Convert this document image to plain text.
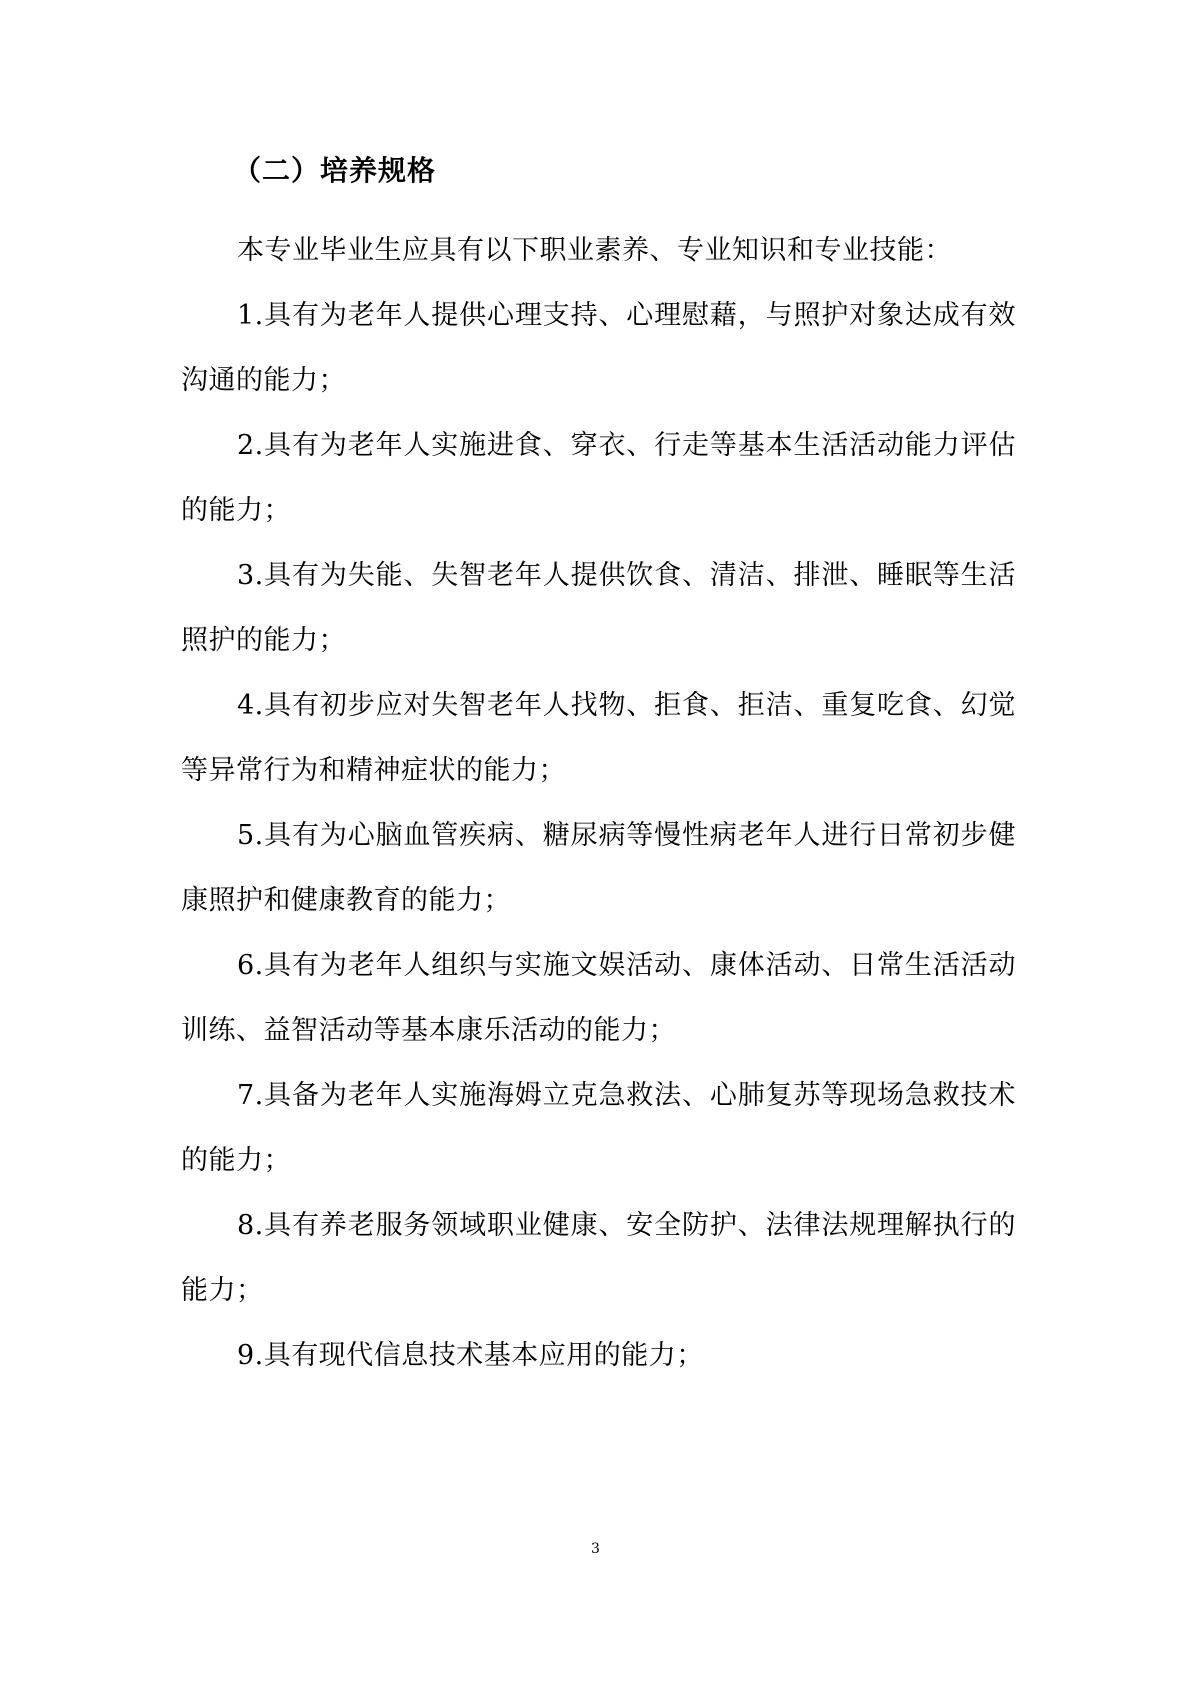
（二）培养规格

本专业毕业生应具有以下职业素养、专业知识和专业技能：

1.具有为老年人提供心理支持、心理慰藉，与照护对象达成有效沟通的能力；

2.具有为老年人实施进食、穿衣、行走等基本生活活动能力评估的能力；

3.具有为失能、失智老年人提供饮食、清洁、排泄、睡眠等生活照护的能力；

4.具有初步应对失智老年人找物、拒食、拒洁、重复吃食、幻觉等异常行为和精神症状的能力；

5.具有为心脑血管疾病、糖尿病等慢性病老年人进行日常初步健康照护和健康教育的能力；

6.具有为老年人组织与实施文娱活动、康体活动、日常生活活动训练、益智活动等基本康乐活动的能力；

7.具备为老年人实施海姆立克急救法、心肺复苏等现场急救技术的能力；

8.具有养老服务领域职业健康、安全防护、法律法规理解执行的能力；

9.具有现代信息技术基本应用的能力；

3
